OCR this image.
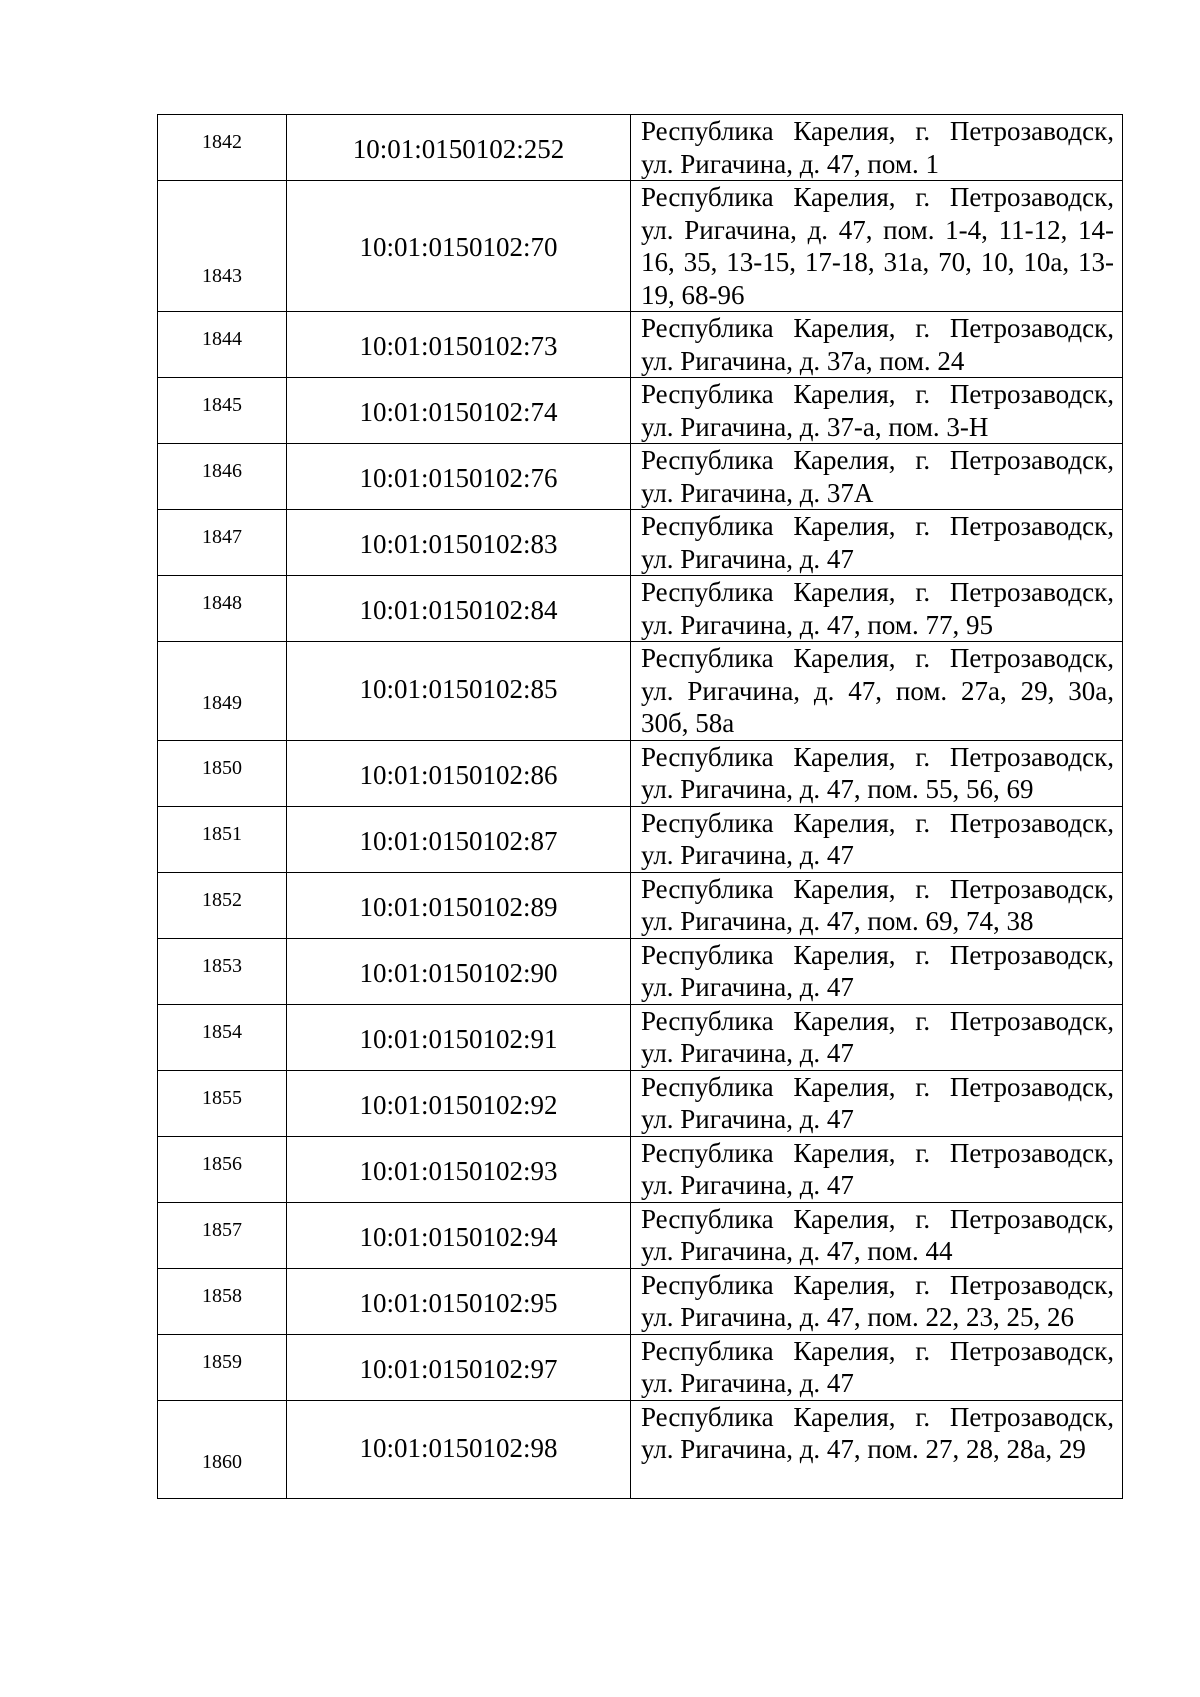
1842	10:01:0150102:252	Республика Карелия, г. Петрозаводск, ул. Ригачина, д. 47, пом. 1
1843	10:01:0150102:70	Республика Карелия, г. Петрозаводск, ул. Ригачина, д. 47, пом. 1-4, 11-12, 14-16, 35, 13-15, 17-18, 31а, 70, 10, 10а, 13-19, 68-96
1844	10:01:0150102:73	Республика Карелия, г. Петрозаводск, ул. Ригачина, д. 37а, пом. 24
1845	10:01:0150102:74	Республика Карелия, г. Петрозаводск, ул. Ригачина, д. 37-а, пом. 3-Н
1846	10:01:0150102:76	Республика Карелия, г. Петрозаводск, ул. Ригачина, д. 37А
1847	10:01:0150102:83	Республика Карелия, г. Петрозаводск, ул. Ригачина, д. 47
1848	10:01:0150102:84	Республика Карелия, г. Петрозаводск, ул. Ригачина, д. 47, пом. 77, 95
1849	10:01:0150102:85	Республика Карелия, г. Петрозаводск, ул. Ригачина, д. 47, пом. 27а, 29, 30а, 30б, 58а
1850	10:01:0150102:86	Республика Карелия, г. Петрозаводск, ул. Ригачина, д. 47, пом. 55, 56, 69
1851	10:01:0150102:87	Республика Карелия, г. Петрозаводск, ул. Ригачина, д. 47
1852	10:01:0150102:89	Республика Карелия, г. Петрозаводск, ул. Ригачина, д. 47, пом. 69, 74, 38
1853	10:01:0150102:90	Республика Карелия, г. Петрозаводск, ул. Ригачина, д. 47
1854	10:01:0150102:91	Республика Карелия, г. Петрозаводск, ул. Ригачина, д. 47
1855	10:01:0150102:92	Республика Карелия, г. Петрозаводск, ул. Ригачина, д. 47
1856	10:01:0150102:93	Республика Карелия, г. Петрозаводск, ул. Ригачина, д. 47
1857	10:01:0150102:94	Республика Карелия, г. Петрозаводск, ул. Ригачина, д. 47, пом. 44
1858	10:01:0150102:95	Республика Карелия, г. Петрозаводск, ул. Ригачина, д. 47, пом. 22, 23, 25, 26
1859	10:01:0150102:97	Республика Карелия, г. Петрозаводск, ул. Ригачина, д. 47
1860	10:01:0150102:98	Республика Карелия, г. Петрозаводск, ул. Ригачина, д. 47, пом. 27, 28, 28а, 29
